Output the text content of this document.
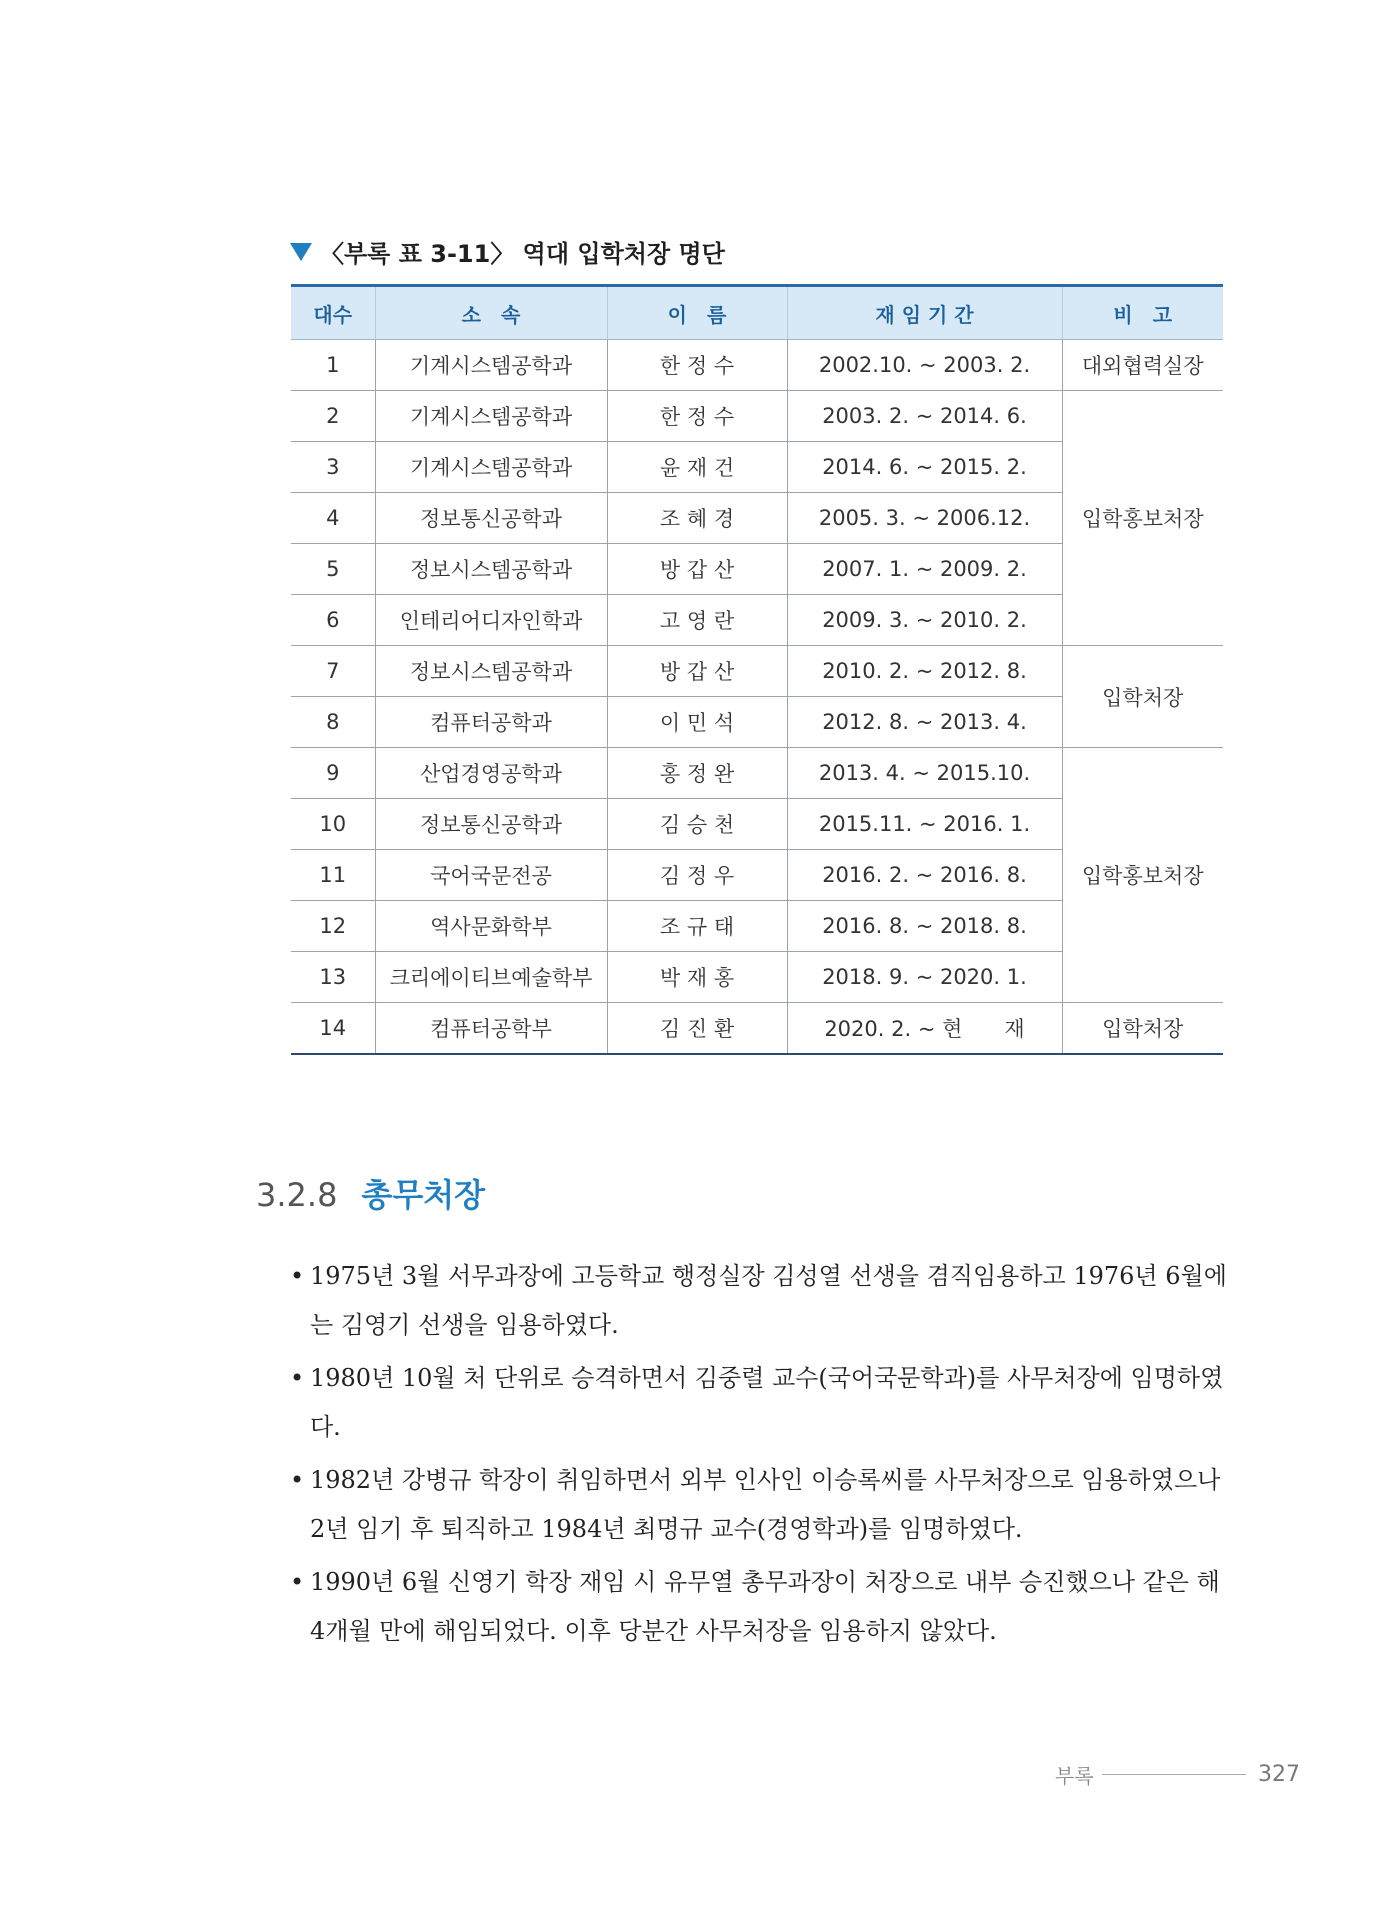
〈부록 표 3-11〉 역대 입학처장 명단
대수	소　속	이　름	재 임 기 간	비　고
1	기계시스템공학과	한 정 수	2002.10. ~ 2003. 2.	대외협력실장
2	기계시스템공학과	한 정 수	2003. 2. ~ 2014. 6.	입학홍보처장
3	기계시스템공학과	윤 재 건	2014. 6. ~ 2015. 2.	
4	정보통신공학과	조 혜 경	2005. 3. ~ 2006.12.	
5	정보시스템공학과	방 갑 산	2007. 1. ~ 2009. 2.	
6	인테리어디자인학과	고 영 란	2009. 3. ~ 2010. 2.	
7	정보시스템공학과	방 갑 산	2010. 2. ~ 2012. 8.	입학처장
8	컴퓨터공학과	이 민 석	2012. 8. ~ 2013. 4.	
9	산업경영공학과	홍 정 완	2013. 4. ~ 2015.10.	입학홍보처장
10	정보통신공학과	김 승 천	2015.11. ~ 2016. 1.	
11	국어국문전공	김 정 우	2016. 2. ~ 2016. 8.	
12	역사문화학부	조 규 태	2016. 8. ~ 2018. 8.	
13	크리에이티브예술학부	박 재 홍	2018. 9. ~ 2020. 1.	
14	컴퓨터공학부	김 진 환	2020. 2. ~ 현　　재	입학처장
3.2.8 총무처장
• 1975년 3월 서무과장에 고등학교 행정실장 김성열 선생을 겸직임용하고 1976년 6월에는 김영기 선생을 임용하였다.
• 1980년 10월 처 단위로 승격하면서 김중렬 교수(국어국문학과)를 사무처장에 임명하였다.
• 1982년 강병규 학장이 취임하면서 외부 인사인 이승록씨를 사무처장으로 임용하였으나 2년 임기 후 퇴직하고 1984년 최명규 교수(경영학과)를 임명하였다.
• 1990년 6월 신영기 학장 재임 시 유무열 총무과장이 처장으로 내부 승진했으나 같은 해 4개월 만에 해임되었다. 이후 당분간 사무처장을 임용하지 않았다.
부록	327
